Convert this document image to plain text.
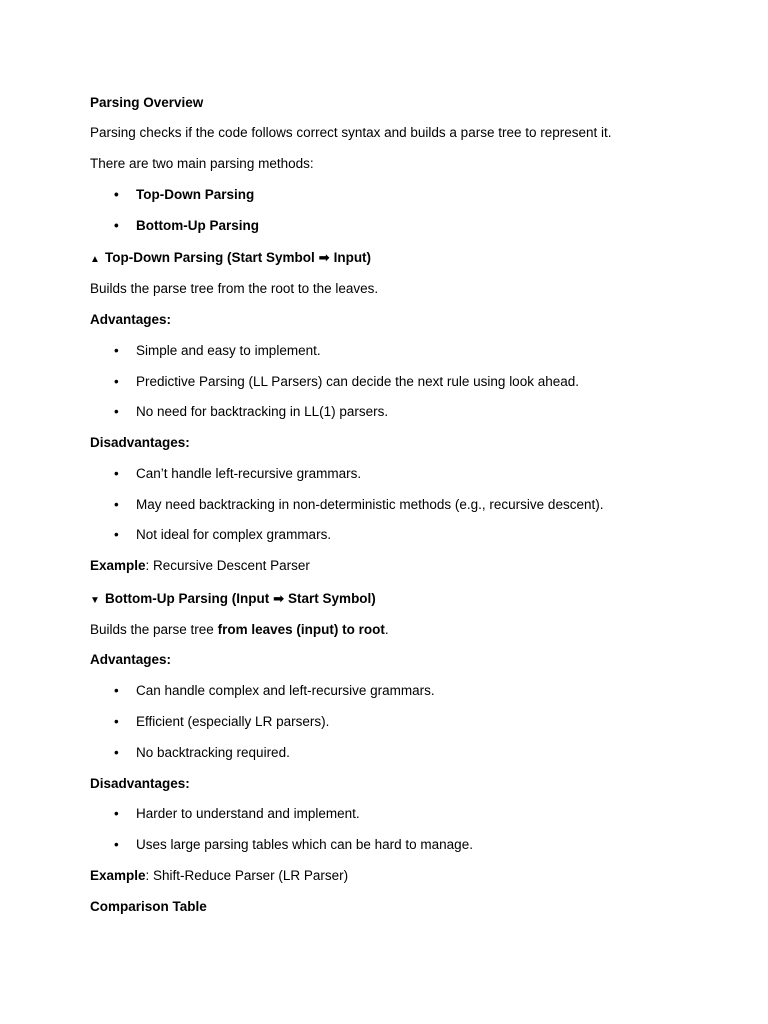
Parsing Overview
Parsing checks if the code follows correct syntax and builds a parse tree to represent it.
There are two main parsing methods:
•	Top-Down Parsing
•	Bottom-Up Parsing
▲ Top-Down Parsing (Start Symbol ➡ Input)
Builds the parse tree from the root to the leaves.
Advantages:
•	Simple and easy to implement.
•	Predictive Parsing (LL Parsers) can decide the next rule using look ahead.
•	No need for backtracking in LL(1) parsers.
Disadvantages:
•	Can’t handle left-recursive grammars.
•	May need backtracking in non-deterministic methods (e.g., recursive descent).
•	Not ideal for complex grammars.
Example: Recursive Descent Parser
▼ Bottom-Up Parsing (Input ➡ Start Symbol)
Builds the parse tree from leaves (input) to root.
Advantages:
•	Can handle complex and left-recursive grammars.
•	Efficient (especially LR parsers).
•	No backtracking required.
Disadvantages:
•	Harder to understand and implement.
•	Uses large parsing tables which can be hard to manage.
Example: Shift-Reduce Parser (LR Parser)
Comparison Table
